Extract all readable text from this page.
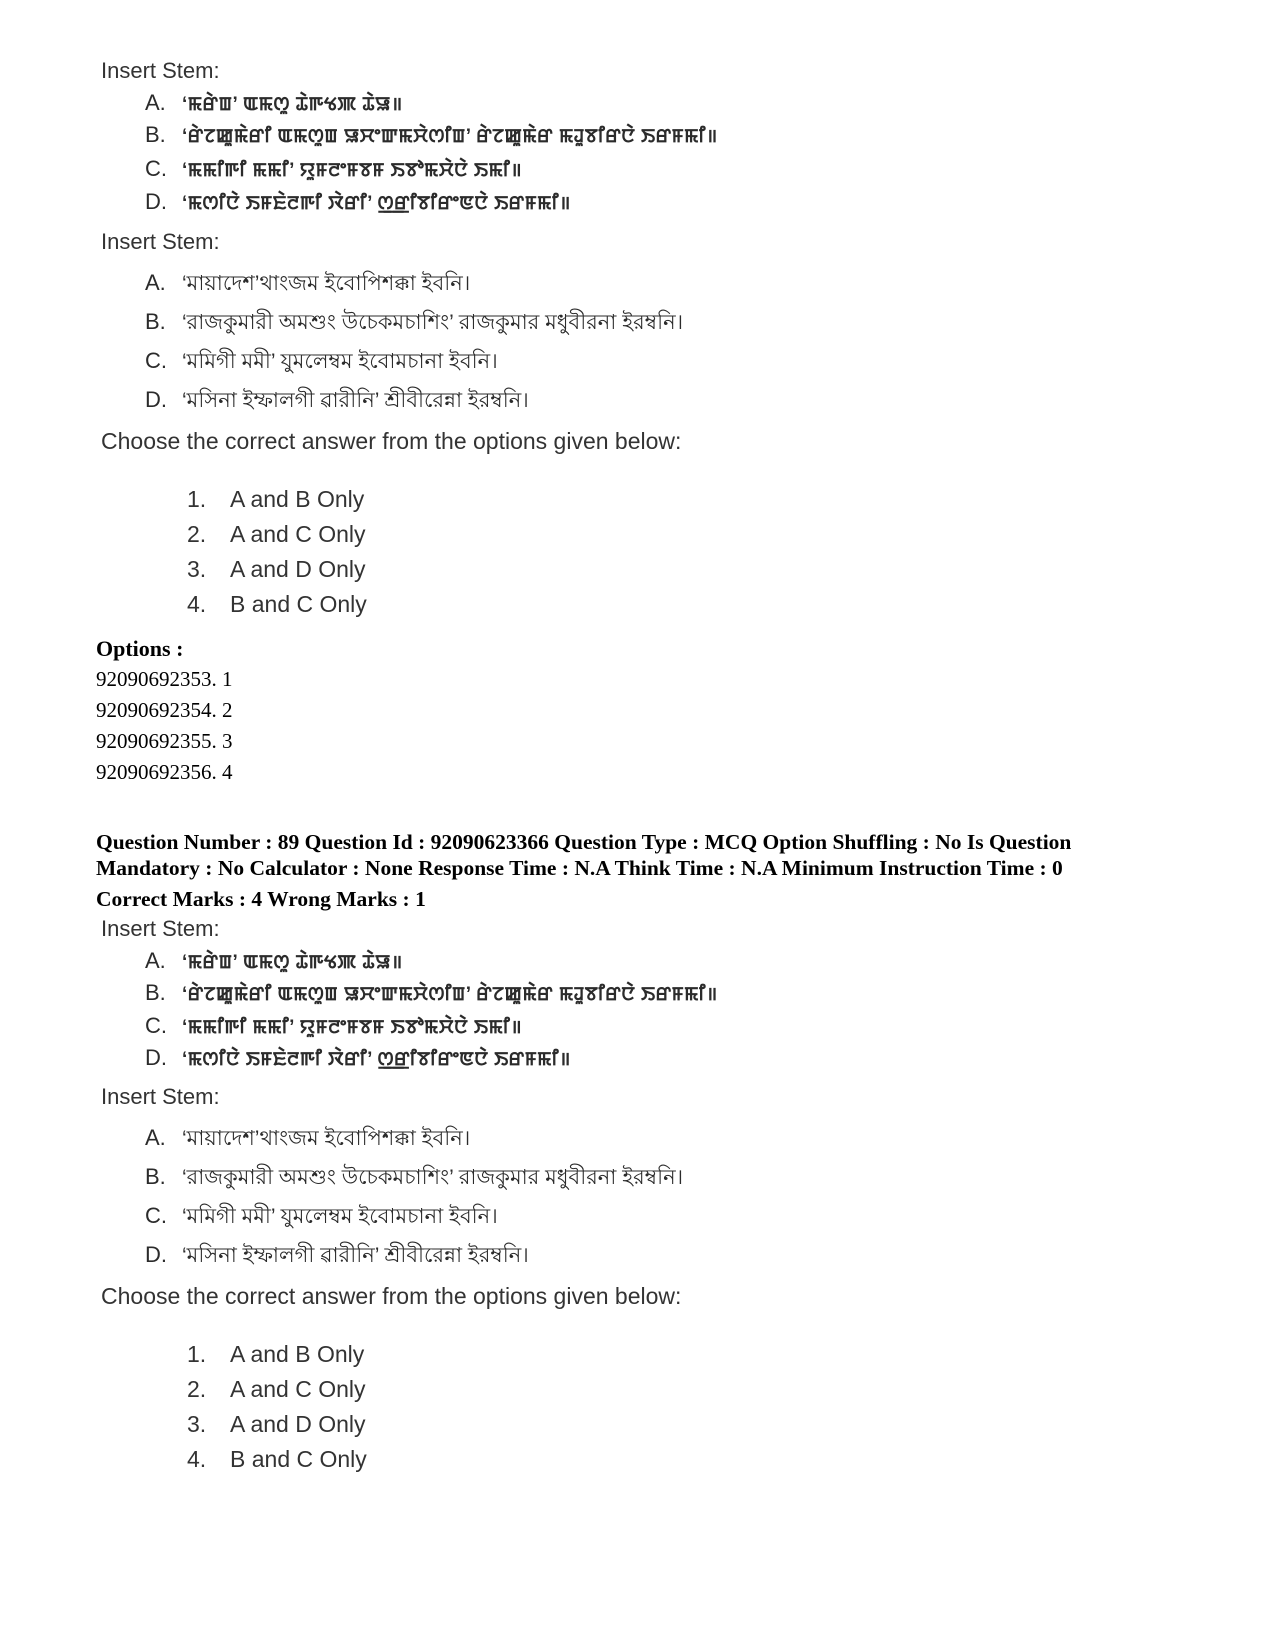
Insert Stem:
A. ‘ꯃꯔꯥꯡ’ ꯑꯃꯁꯨ ꯊꯥꯒꯠꯄ ꯊꯥꯎ॥
B. ‘ꯔꯥꯖꯀꯨꯃꯥꯔꯤ ꯑꯃꯁꯨꯡ ꯎꯆꯦꯛꯃꯆꯥꯁꯤꯡ’ ꯔꯥꯖꯀꯨꯃꯥꯔ ꯃꯙꯨꯕꯤꯔꯅꯥ ꯏꯔꯝꯃꯤ॥
C. ‘ꯃꯃꯤꯒꯤ ꯃꯃꯤ’ ꯌꯨꯝꯂꯦꯝꯕꯝ ꯏꯕꯣꯃꯆꯥꯅꯥ ꯏꯃꯤ॥
D. ‘ꯃꯁꯤꯅꯥ ꯏꯝꯐꯥꯂꯒꯤ ꯋꯥꯔꯤ’ ꯁ꯭ꯔꯤꯕꯤꯔꯦꯟꯅꯥ ꯏꯔꯝꯃꯤ॥
Insert Stem:
A. ‘মায়াদেশ’থাংজম ইবোপিশক্কা ইবনি।
B. ‘রাজকুমারী অমশুং উচেকমচাশিং’ রাজকুমার মধুবীরনা ইরম্বনি।
C. ‘মমিগী মমী’ যুমলেম্বম ইবোমচানা ইবনি।
D. ‘মসিনা ইম্ফালগী ৱারীনি’ শ্রীবীরেন্না ইরম্বনি।
Choose the correct answer from the options given below:
1. A and B Only
2. A and C Only
3. A and D Only
4. B and C Only
Options :
92090692353. 1
92090692354. 2
92090692355. 3
92090692356. 4
Question Number : 89 Question Id : 92090623366 Question Type : MCQ Option Shuffling : No Is Question
Mandatory : No Calculator : None Response Time : N.A Think Time : N.A Minimum Instruction Time : 0
Correct Marks : 4 Wrong Marks : 1
Insert Stem:
A. ‘ꯃꯔꯥꯡ’ ꯑꯃꯁꯨ ꯊꯥꯒꯠꯄ ꯊꯥꯎ॥
B. ‘ꯔꯥꯖꯀꯨꯃꯥꯔꯤ ꯑꯃꯁꯨꯡ ꯎꯆꯦꯛꯃꯆꯥꯁꯤꯡ’ ꯔꯥꯖꯀꯨꯃꯥꯔ ꯃꯙꯨꯕꯤꯔꯅꯥ ꯏꯔꯝꯃꯤ॥
C. ‘ꯃꯃꯤꯒꯤ ꯃꯃꯤ’ ꯌꯨꯝꯂꯦꯝꯕꯝ ꯏꯕꯣꯃꯆꯥꯅꯥ ꯏꯃꯤ॥
D. ‘ꯃꯁꯤꯅꯥ ꯏꯝꯐꯥꯂꯒꯤ ꯋꯥꯔꯤ’ ꯁ꯭ꯔꯤꯕꯤꯔꯦꯟꯅꯥ ꯏꯔꯝꯃꯤ॥
Insert Stem:
A. ‘মায়াদেশ’থাংজম ইবোপিশক্কা ইবনি।
B. ‘রাজকুমারী অমশুং উচেকমচাশিং’ রাজকুমার মধুবীরনা ইরম্বনি।
C. ‘মমিগী মমী’ যুমলেম্বম ইবোমচানা ইবনি।
D. ‘মসিনা ইম্ফালগী ৱারীনি’ শ্রীবীরেন্না ইরম্বনি।
Choose the correct answer from the options given below:
1. A and B Only
2. A and C Only
3. A and D Only
4. B and C Only
